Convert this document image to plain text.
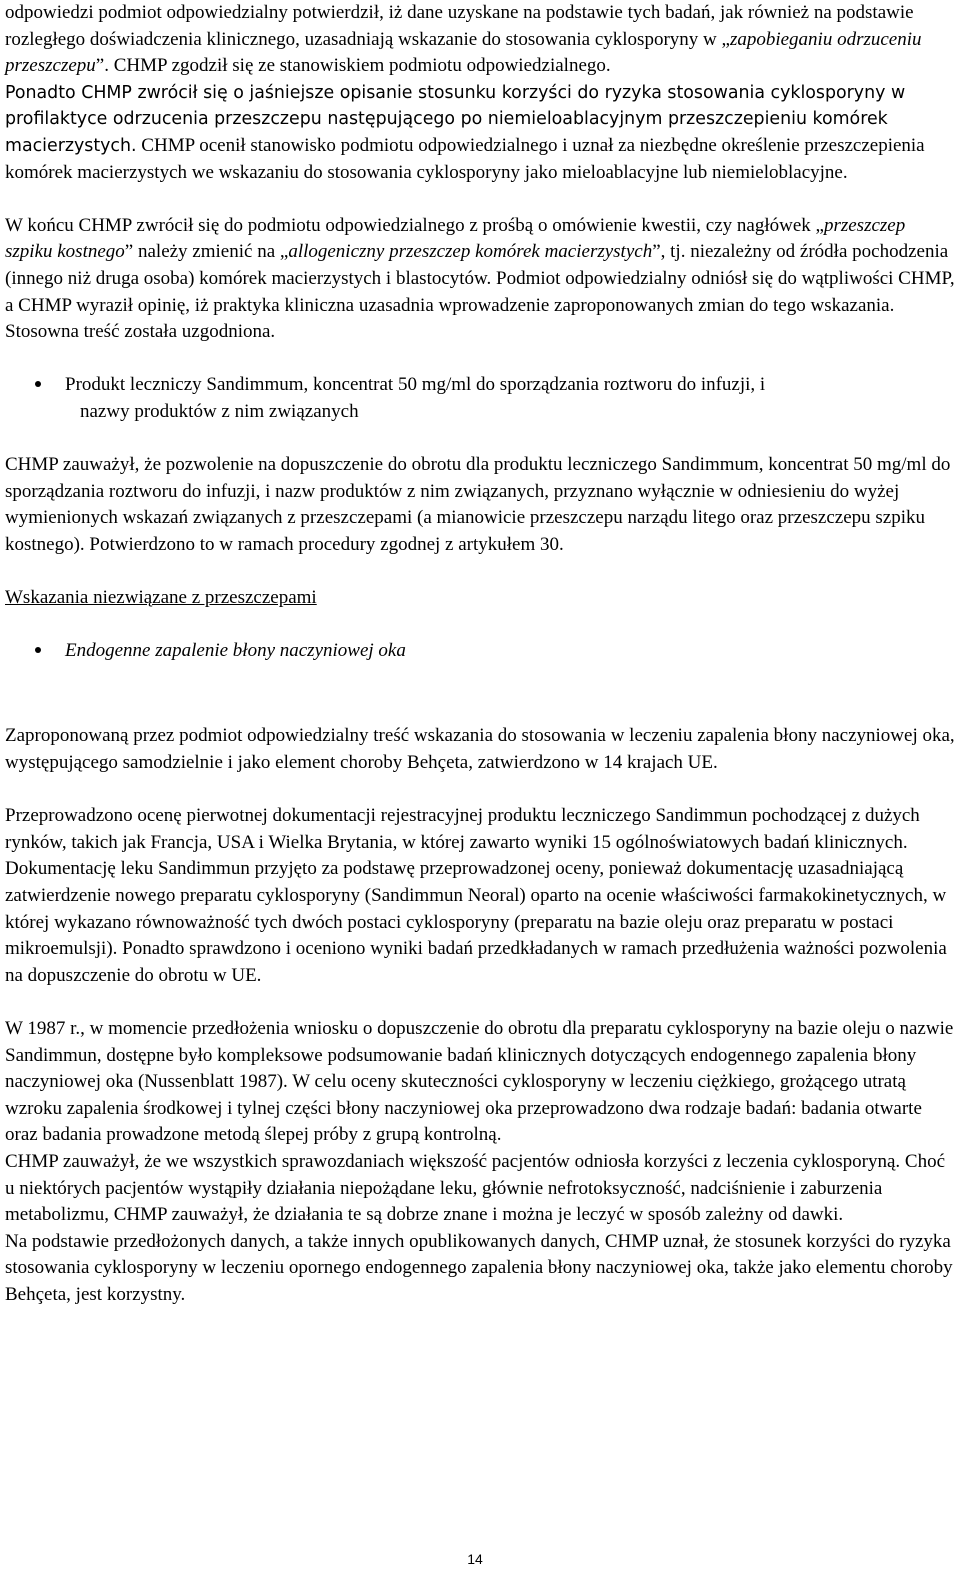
odpowiedzi podmiot odpowiedzialny potwierdził, iż dane uzyskane na podstawie tych badań, jak również na podstawie rozległego doświadczenia klinicznego, uzasadniają wskazanie do stosowania cyklosporyny w „zapobieganiu odrzuceniu przeszczepu”. CHMP zgodził się ze stanowiskiem podmiotu odpowiedzialnego.

Ponadto CHMP zwrócił się o jaśniejsze opisanie stosunku korzyści do ryzyka stosowania cyklosporyny w profilaktyce odrzucenia przeszczepu następującego po niemieloablacyjnym przeszczepieniu komórek macierzystych. CHMP ocenił stanowisko podmiotu odpowiedzialnego i uznał za niezbędne określenie przeszczepienia komórek macierzystych we wskazaniu do stosowania cyklosporyny jako mieloablacyjne lub niemieloblacyjne.

W końcu CHMP zwrócił się do podmiotu odpowiedzialnego z prośbą o omówienie kwestii, czy nagłówek „przeszczep szpiku kostnego” należy zmienić na „allogeniczny przeszczep komórek macierzystych”, tj. niezależny od źródła pochodzenia (innego niż druga osoba) komórek macierzystych i blastocytów. Podmiot odpowiedzialny odniósł się do wątpliwości CHMP, a CHMP wyraził opinię, iż praktyka kliniczna uzasadnia wprowadzenie zaproponowanych zmian do tego wskazania. Stosowna treść została uzgodniona.

Produkt leczniczy Sandimmum, koncentrat 50 mg/ml do sporządzania roztworu do infuzji, i
nazwy produktów z nim związanych

CHMP zauważył, że pozwolenie na dopuszczenie do obrotu dla produktu leczniczego Sandimmum, koncentrat 50 mg/ml do sporządzania roztworu do infuzji, i nazw produktów z nim związanych, przyznano wyłącznie w odniesieniu do wyżej wymienionych wskazań związanych z przeszczepami (a mianowicie przeszczepu narządu litego oraz przeszczepu szpiku kostnego). Potwierdzono to w ramach procedury zgodnej z artykułem 30.

Wskazania niezwiązane z przeszczepami

Endogenne zapalenie błony naczyniowej oka

Zaproponowaną przez podmiot odpowiedzialny treść wskazania do stosowania w leczeniu zapalenia błony naczyniowej oka, występującego samodzielnie i jako element choroby Behçeta, zatwierdzono w 14 krajach UE.

Przeprowadzono ocenę pierwotnej dokumentacji rejestracyjnej produktu leczniczego Sandimmun pochodzącej z dużych rynków, takich jak Francja, USA i Wielka Brytania, w której zawarto wyniki 15 ogólnoświatowych badań klinicznych. Dokumentację leku Sandimmun przyjęto za podstawę przeprowadzonej oceny, ponieważ dokumentację uzasadniającą zatwierdzenie nowego preparatu cyklosporyny (Sandimmun Neoral) oparto na ocenie właściwości farmakokinetycznych, w której wykazano równoważność tych dwóch postaci cyklosporyny (preparatu na bazie oleju oraz preparatu w postaci mikroemulsji). Ponadto sprawdzono i oceniono wyniki badań przedkładanych w ramach przedłużenia ważności pozwolenia na dopuszczenie do obrotu w UE.

W 1987 r., w momencie przedłożenia wniosku o dopuszczenie do obrotu dla preparatu cyklosporyny na bazie oleju o nazwie Sandimmun, dostępne było kompleksowe podsumowanie badań klinicznych dotyczących endogennego zapalenia błony naczyniowej oka (Nussenblatt 1987). W celu oceny skuteczności cyklosporyny w leczeniu ciężkiego, grożącego utratą wzroku zapalenia środkowej i tylnej części błony naczyniowej oka przeprowadzono dwa rodzaje badań: badania otwarte oraz badania prowadzone metodą ślepej próby z grupą kontrolną.

CHMP zauważył, że we wszystkich sprawozdaniach większość pacjentów odniosła korzyści z leczenia cyklosporyną. Choć u niektórych pacjentów wystąpiły działania niepożądane leku, głównie nefrotoksyczność, nadciśnienie i zaburzenia metabolizmu, CHMP zauważył, że działania te są dobrze znane i można je leczyć w sposób zależny od dawki.

Na podstawie przedłożonych danych, a także innych opublikowanych danych, CHMP uznał, że stosunek korzyści do ryzyka stosowania cyklosporyny w leczeniu opornego endogennego zapalenia błony naczyniowej oka, także jako elementu choroby Behçeta, jest korzystny.

14
